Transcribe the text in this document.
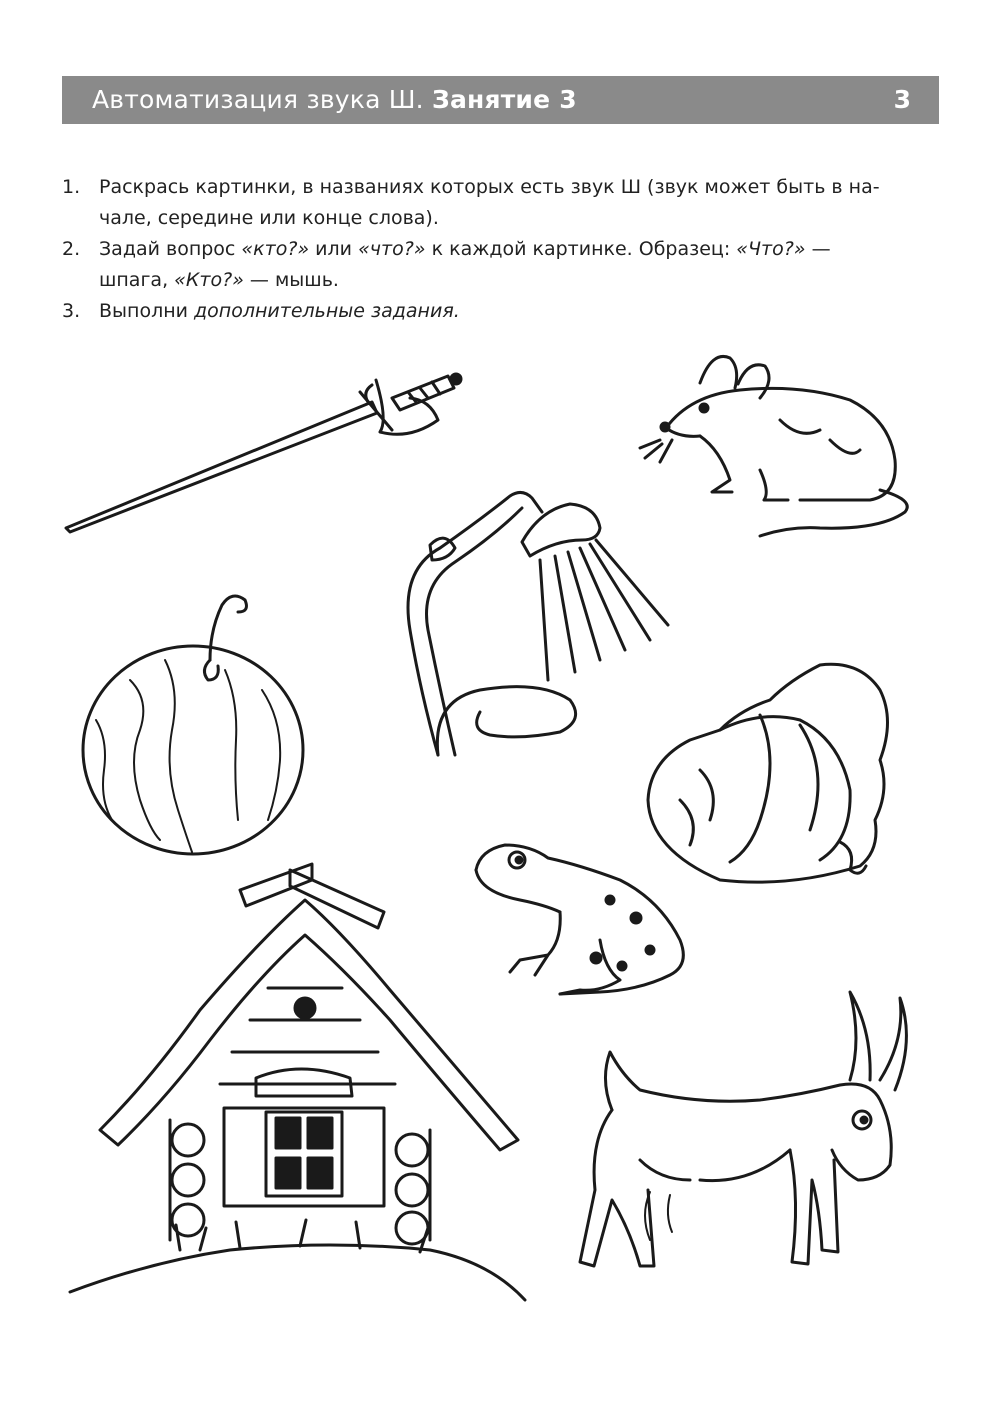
Автоматизация звука Ш. Занятие 3	3
1. Раскрась картинки, в названиях которых есть звук Ш (звук может быть в на-
чале, середине или конце слова).
2. Задай вопрос «кто?» или «что?» к каждой картинке. Образец: «Что?» —
шпага, «Кто?» — мышь.
3. Выполни дополнительные задания.
